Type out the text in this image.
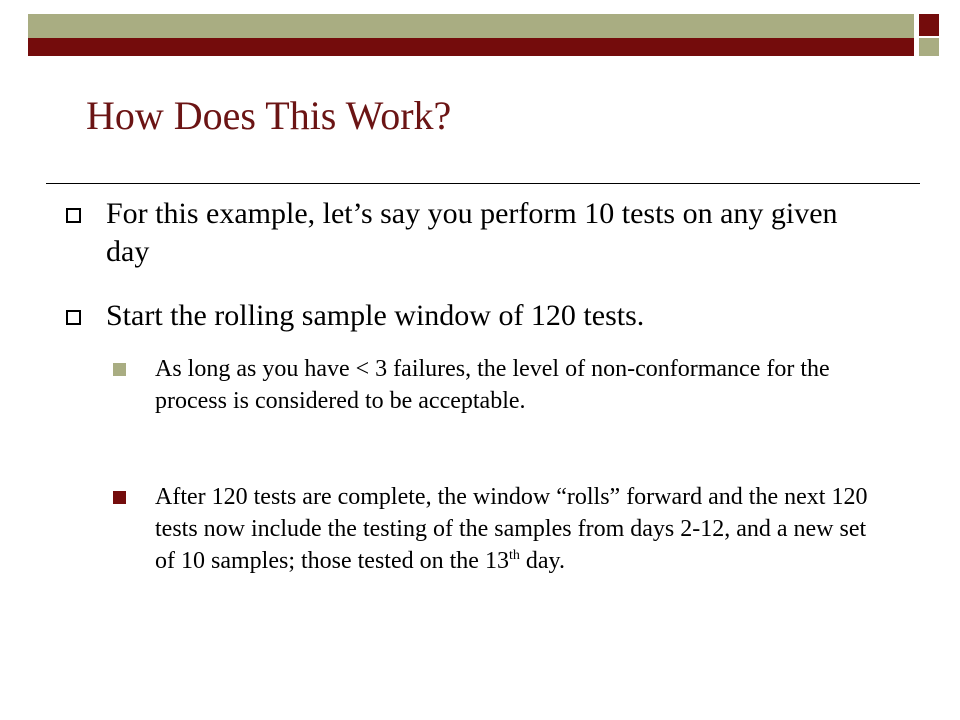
How Does This Work?
For this example, let’s say you perform 10 tests on any given day
Start the rolling sample window of 120 tests.
As long as you have < 3 failures, the level of non-conformance for the process is considered to be acceptable.
After 120 tests are complete, the window “rolls” forward and the next 120 tests now include the testing of the samples from days 2-12, and a new set of 10 samples; those tested on the 13th day.
